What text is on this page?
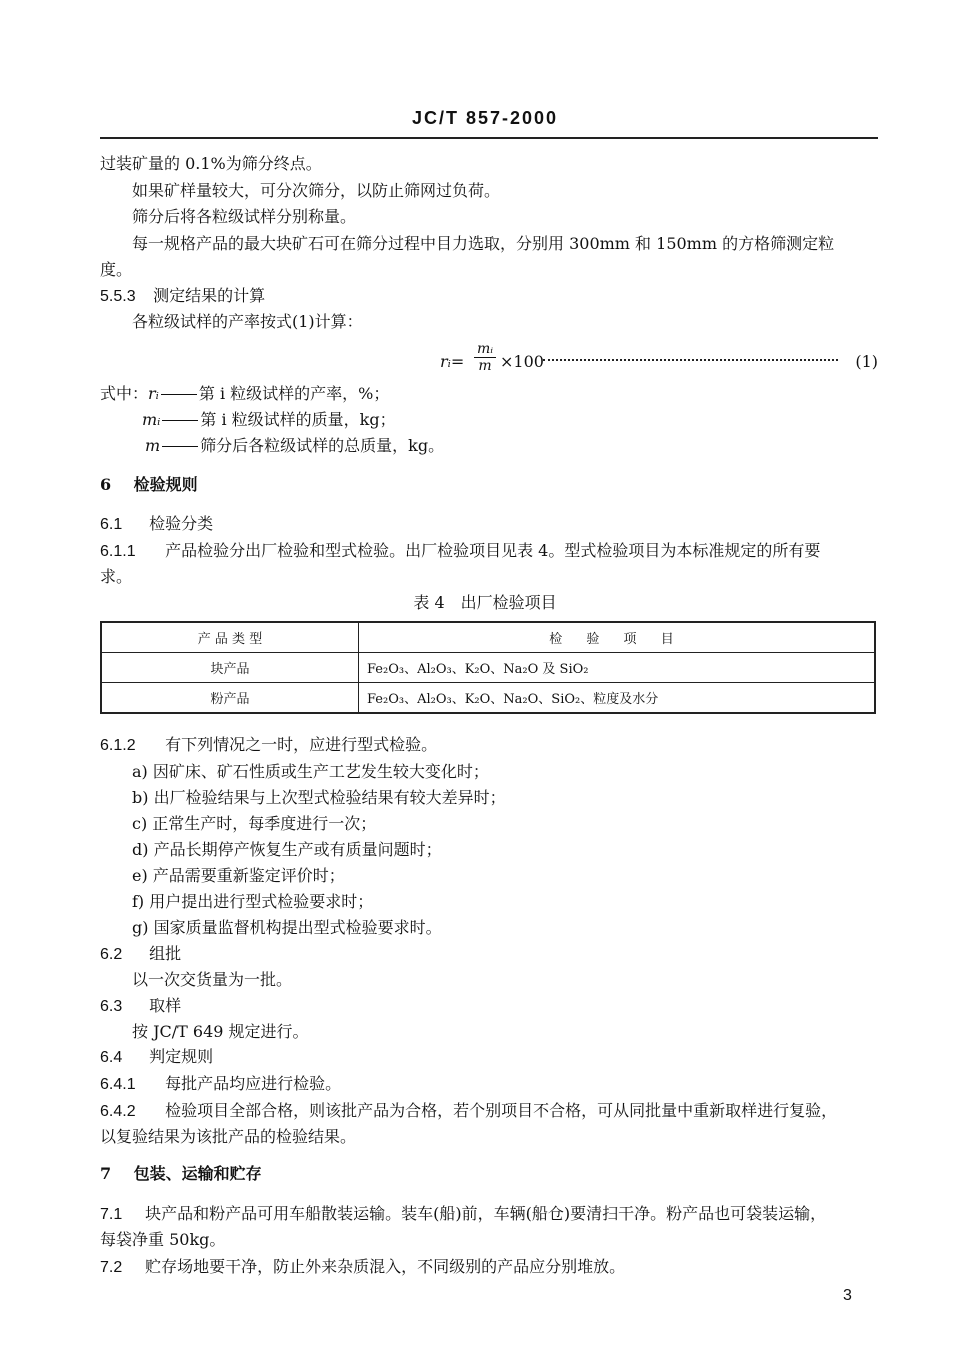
JC/T 857-2000
过装矿量的 0.1%为筛分终点。
如果矿样量较大，可分次筛分，以防止筛网过负荷。
筛分后将各粒级试样分别称量。
每一规格产品的最大块矿石可在筛分过程中目力选取，分别用 300mm 和 150mm 的方格筛测定粒
度。
5.5.3 测定结果的计算
各粒级试样的产率按式(1)计算：
rᵢ= $\frac{\text{mᵢ}}{m} \times 100$	(1)
式中：rᵢ	第 i 粒级试样的产率，%；
mᵢ	第 i 粒级试样的质量，kg；
m	筛分后各粒级试样的总质量，kg。
6 检验规则
6.1 检验分类
6.1.1 产品检验分出厂检验和型式检验。出厂检验项目见表 4。型式检验项目为本标准规定的所有要
求。
表 4　出厂检验项目
产 品 类 型	检 验 项 目
块产品	Fe₂O₃、Al₂O₃、K₂O、Na₂O 及 SiO₂
粉产品	Fe₂O₃、Al₂O₃、K₂O、Na₂O、SiO₂、粒度及水分
6.1.2 有下列情况之一时，应进行型式检验。
a) 因矿床、矿石性质或生产工艺发生较大变化时；
b) 出厂检验结果与上次型式检验结果有较大差异时；
c) 正常生产时，每季度进行一次；
d) 产品长期停产恢复生产或有质量问题时；
e) 产品需要重新鉴定评价时；
f) 用户提出进行型式检验要求时；
g) 国家质量监督机构提出型式检验要求时。
6.2 组批
以一次交货量为一批。
6.3 取样
按 JC/T 649 规定进行。
6.4 判定规则
6.4.1 每批产品均应进行检验。
6.4.2 检验项目全部合格，则该批产品为合格，若个别项目不合格，可从同批量中重新取样进行复验，
以复验结果为该批产品的检验结果。
7 包装、运输和贮存
7.1 块产品和粉产品可用车船散装运输。装车(船)前，车辆(船仓)要清扫干净。粉产品也可袋装运输，
每袋净重 50kg。
7.2 贮存场地要干净，防止外来杂质混入，不同级别的产品应分别堆放。
3
